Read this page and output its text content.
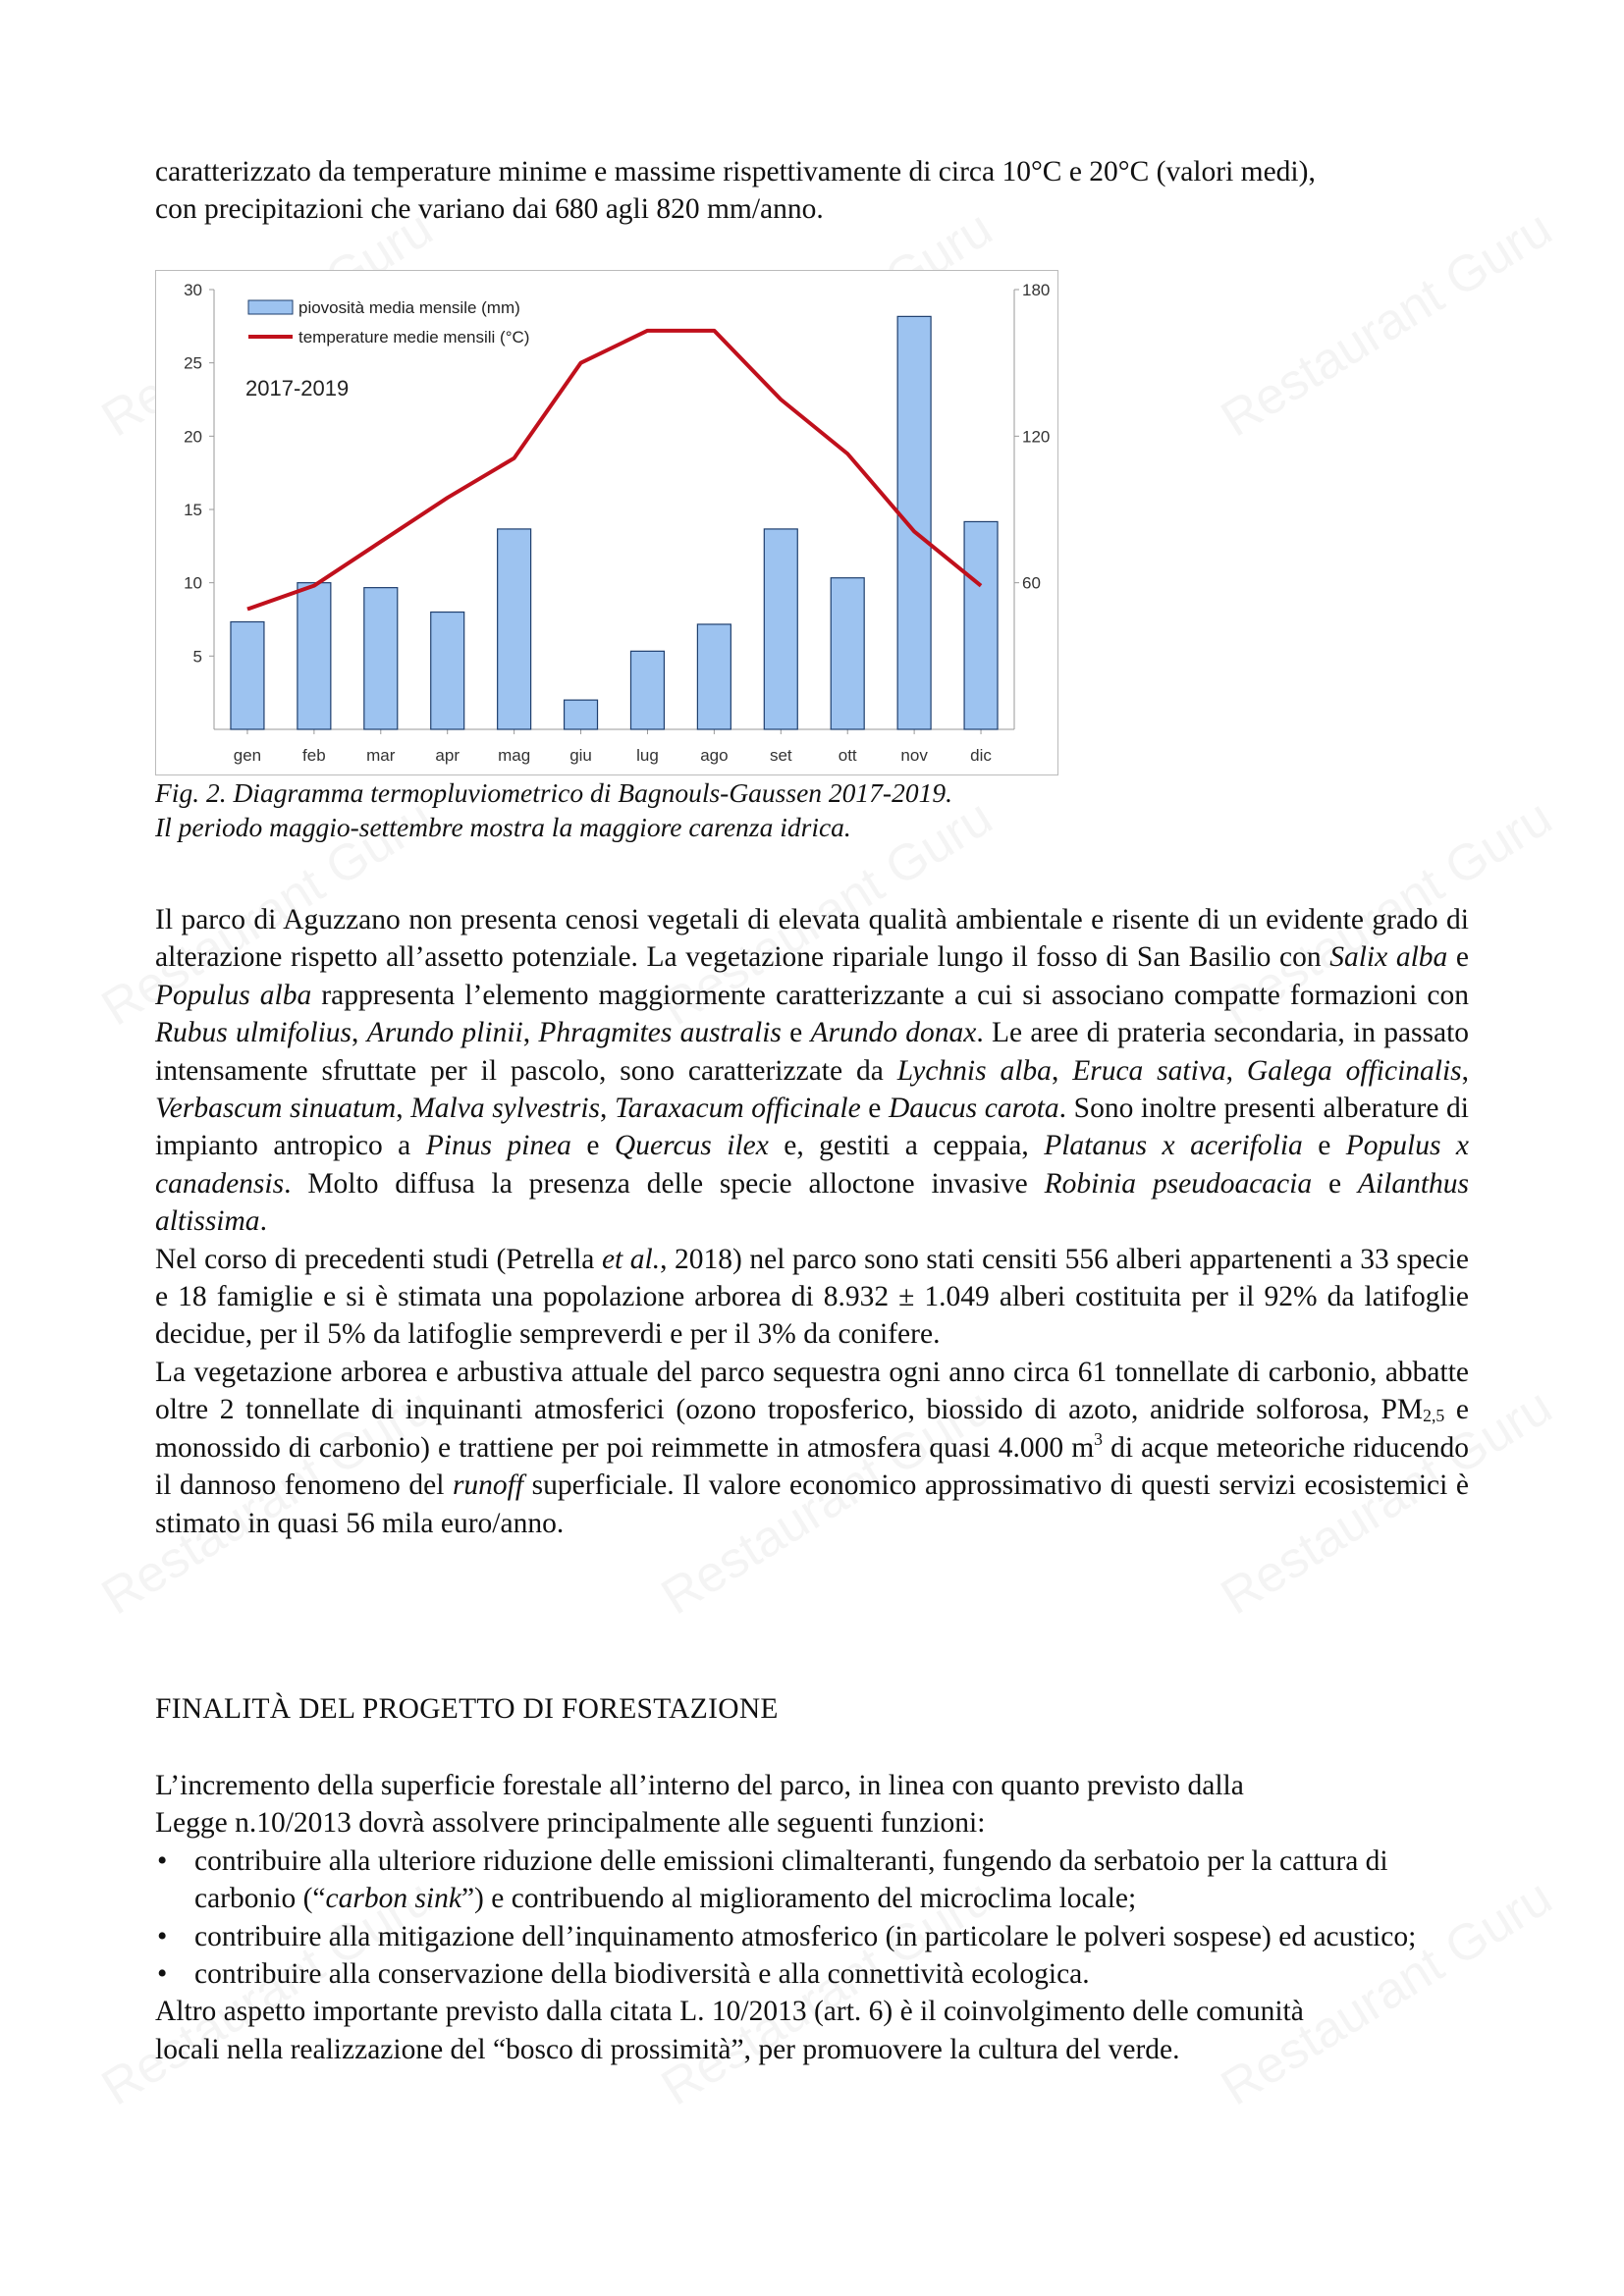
caratterizzato da temperature minime e massime rispettivamente di circa 10°C e 20°C (valori medi),
con precipitazioni che variano dai 680 agli 820 mm/anno.
5
10
15
20
25
30
60
120
180
gen feb mar apr mag giu	lug ago set	ott	nov	dic
piovosità media mensile (mm)
temperature medie mensili (°C)
2017-2019
Fig. 2. Diagramma termopluviometrico di Bagnouls-Gaussen 2017-2019.
Il periodo maggio-settembre mostra la maggiore carenza idrica.

Il parco di Aguzzano non presenta cenosi vegetali di elevata qualità ambientale e risente di un evidente grado di alterazione rispetto all’assetto potenziale. La vegetazione ripariale lungo il fosso di San Basilio con Salix alba e Populus alba rappresenta l’elemento maggiormente caratterizzante a cui si associano compatte formazioni con Rubus ulmifolius, Arundo plinii, Phragmites australis e Arundo donax. Le aree di prateria secondaria, in passato intensamente sfruttate per il pascolo, sono caratterizzate da Lychnis alba, Eruca sativa, Galega officinalis, Verbascum sinuatum, Malva sylvestris, Taraxacum officinale e Daucus carota. Sono inoltre presenti alberature di impianto antropico a Pinus pinea e Quercus ilex e, gestiti a ceppaia, Platanus x acerifolia e Populus x canadensis. Molto diffusa la presenza delle specie alloctone invasive Robinia pseudoacacia e Ailanthus altissima.

Nel corso di precedenti studi (Petrella et al., 2018) nel parco sono stati censiti 556 alberi appartenenti a 33 specie e 18 famiglie e si è stimata una popolazione arborea di 8.932 ± 1.049 alberi costituita per il 92% da latifoglie decidue, per il 5% da latifoglie sempreverdi e per il 3% da conifere.

La vegetazione arborea e arbustiva attuale del parco sequestra ogni anno circa 61 tonnellate di carbonio, abbatte oltre 2 tonnellate di inquinanti atmosferici (ozono troposferico, biossido di azoto, anidride solforosa, $PM_{2,5}$ e monossido di carbonio) e trattiene per poi reimmette in atmosfera quasi 4.000 $m^3$ di acque meteoriche riducendo il dannoso fenomeno del runoff superficiale. Il valore economico approssimativo di questi servizi ecosistemici è stimato in quasi 56 mila euro/anno.

FINALITÀ DEL PROGETTO DI FORESTAZIONE
L’incremento della superficie forestale all’interno del parco, in linea con quanto previsto dalla
Legge n.10/2013 dovrà assolvere principalmente alle seguenti funzioni:
• contribuire alla ulteriore riduzione delle emissioni climalteranti, fungendo da serbatoio per la cattura di carbonio (“carbon sink”) e contribuendo al miglioramento del microclima locale;
• contribuire alla mitigazione dell’inquinamento atmosferico (in particolare le polveri sospese) ed acustico;
• contribuire alla conservazione della biodiversità e alla connettività ecologica.
Altro aspetto importante previsto dalla citata L. 10/2013 (art. 6) è il coinvolgimento delle comunità
locali nella realizzazione del “bosco di prossimità”, per promuovere la cultura del verde.
